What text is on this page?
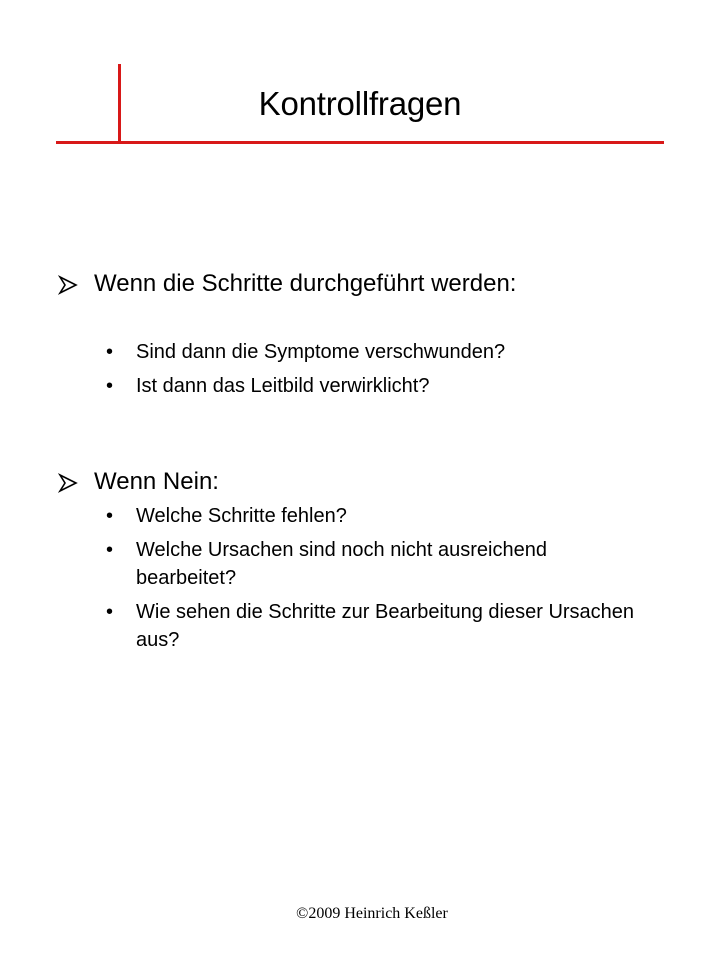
Kontrollfragen
Wenn die Schritte durchgeführt werden:
• Sind dann die Symptome verschwunden?
• Ist dann das Leitbild verwirklicht?
Wenn Nein:
• Welche Schritte fehlen?
• Welche Ursachen sind noch nicht ausreichend bearbeitet?
• Wie sehen die Schritte zur Bearbeitung dieser Ursachen aus?
©2009 Heinrich Keßler
